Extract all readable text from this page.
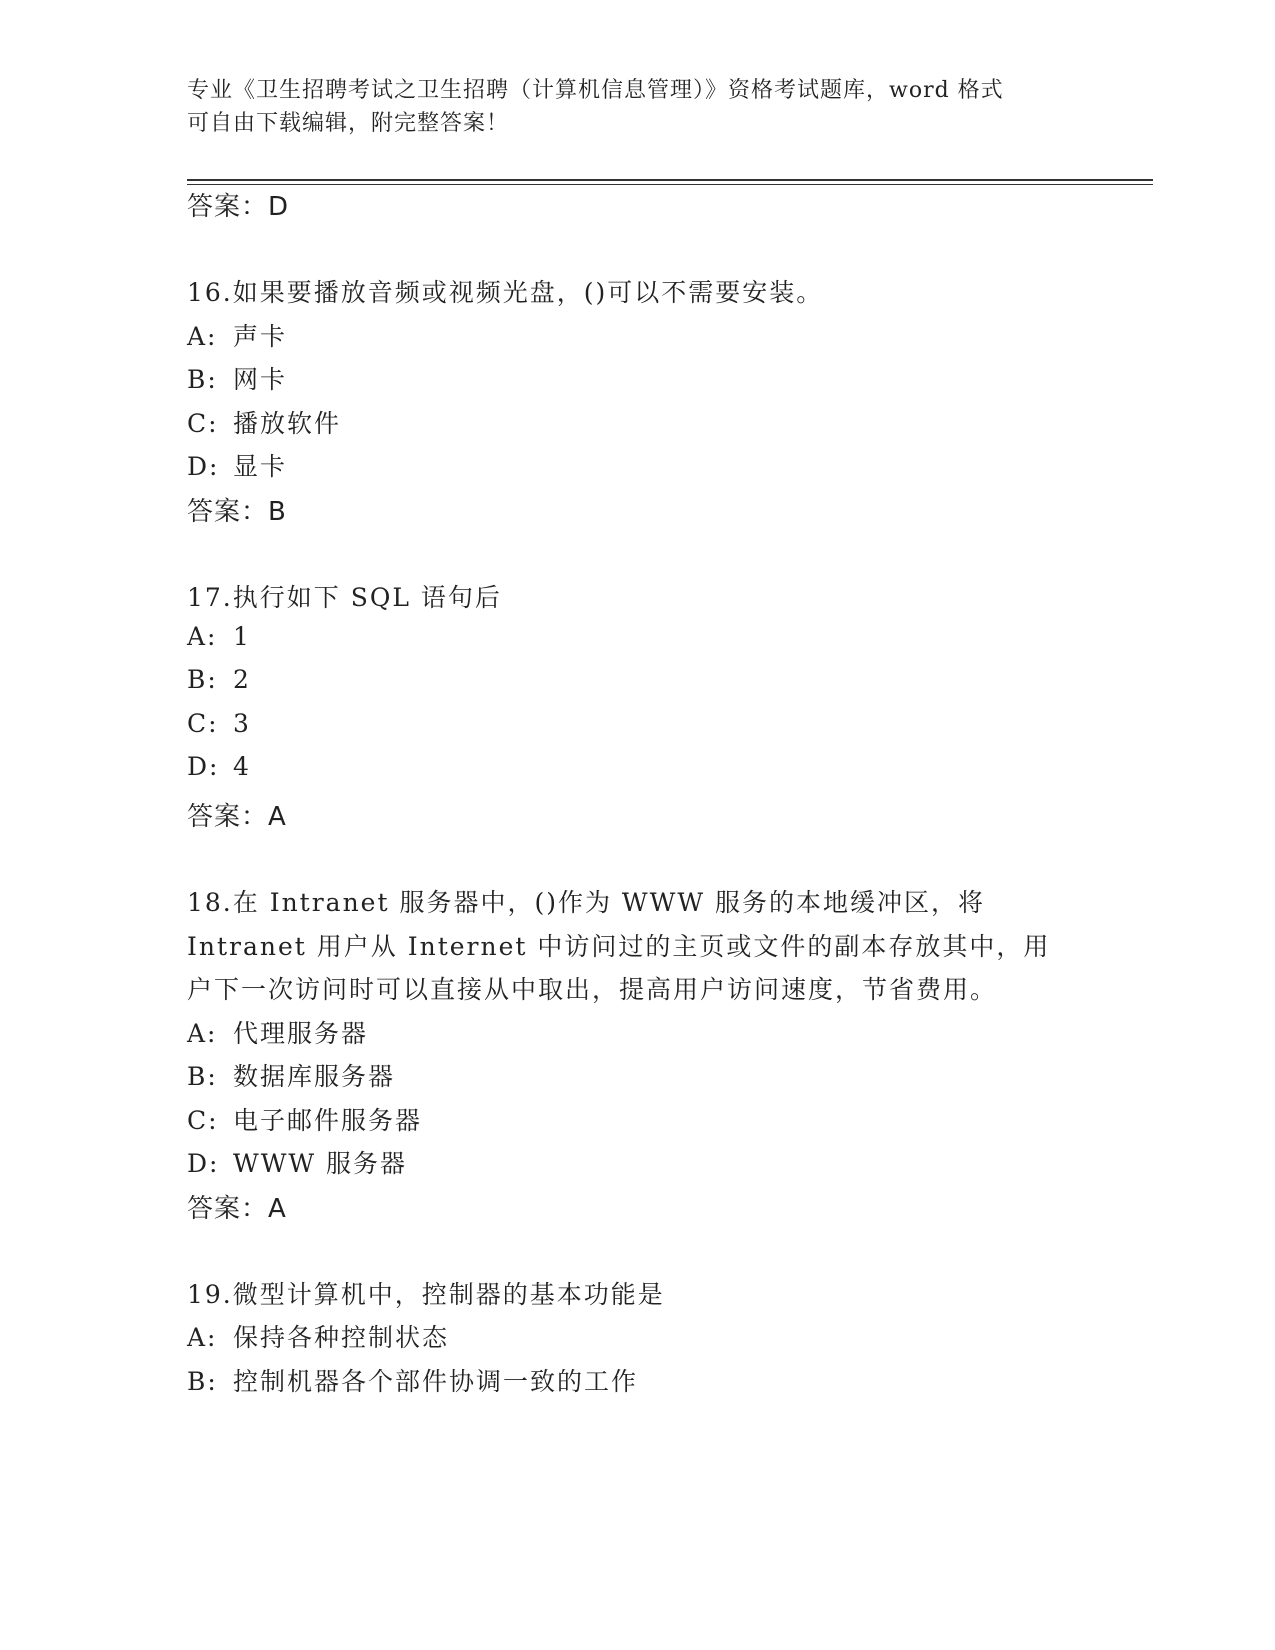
专业《卫生招聘考试之卫生招聘（计算机信息管理）》资格考试题库，word 格式
可自由下载编辑，附完整答案！
答案：D
16.如果要播放音频或视频光盘，()可以不需要安装。
A: 声卡
B: 网卡
C: 播放软件
D: 显卡
答案：B
17.执行如下 SQL 语句后
A: 1
B: 2
C: 3
D: 4
答案：A
18.在 Intranet 服务器中，()作为 WWW 服务的本地缓冲区，将
Intranet 用户从 Internet 中访问过的主页或文件的副本存放其中，用
户下一次访问时可以直接从中取出，提高用户访问速度，节省费用。
A: 代理服务器
B: 数据库服务器
C: 电子邮件服务器
D: WWW 服务器
答案：A
19.微型计算机中，控制器的基本功能是
A: 保持各种控制状态
B: 控制机器各个部件协调一致的工作
